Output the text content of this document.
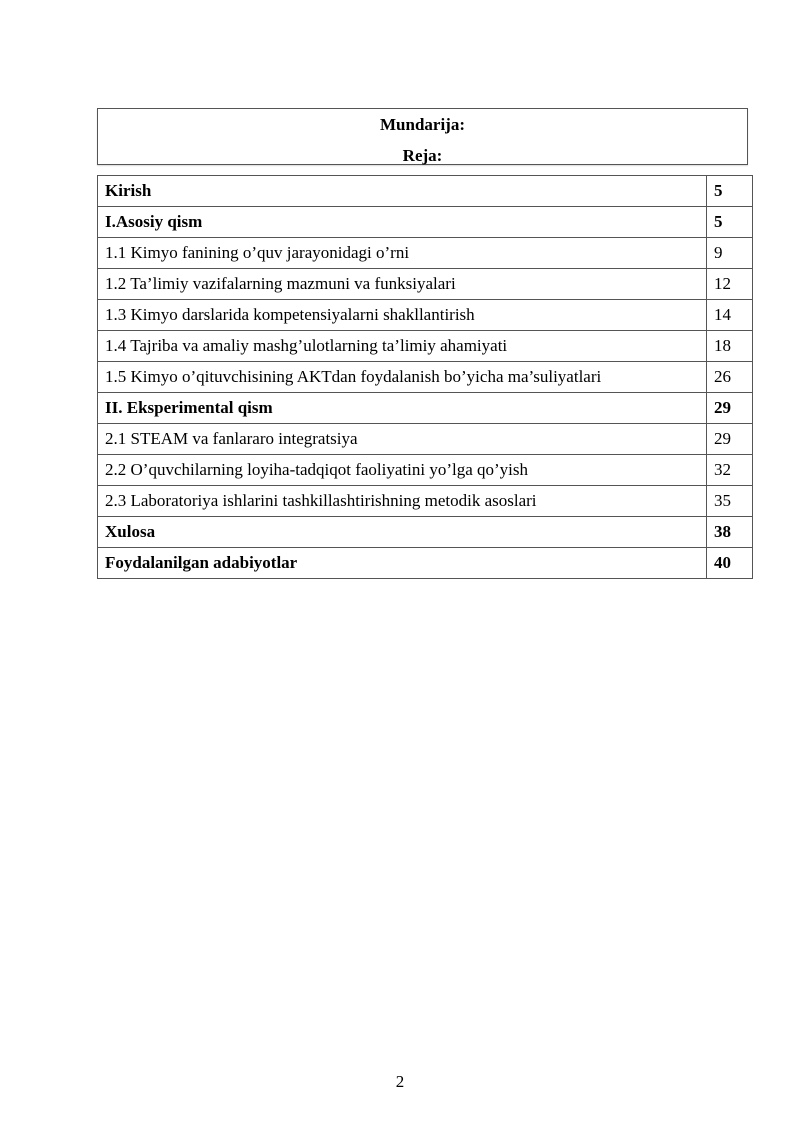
Mundarija:
Reja:
Kirish	5
I.Asosiy qism	5
1.1 Kimyo fanining o’quv jarayonidagi o’rni	9
1.2 Ta’limiy vazifalarning mazmuni va funksiyalari	12
1.3 Kimyo darslarida kompetensiyalarni shakllantirish	14
1.4 Tajriba va amaliy mashg’ulotlarning ta’limiy ahamiyati	18
1.5 Kimyo o’qituvchisining AKTdan foydalanish bo’yicha ma’suliyatlari	26
II. Eksperimental qism	29
2.1 STEAM va fanlararo integratsiya	29
2.2 O’quvchilarning loyiha-tadqiqot faoliyatini yo’lga qo’yish	32
2.3 Laboratoriya ishlarini tashkillashtirishning metodik asoslari	35
Xulosa	38
Foydalanilgan adabiyotlar	40
2
